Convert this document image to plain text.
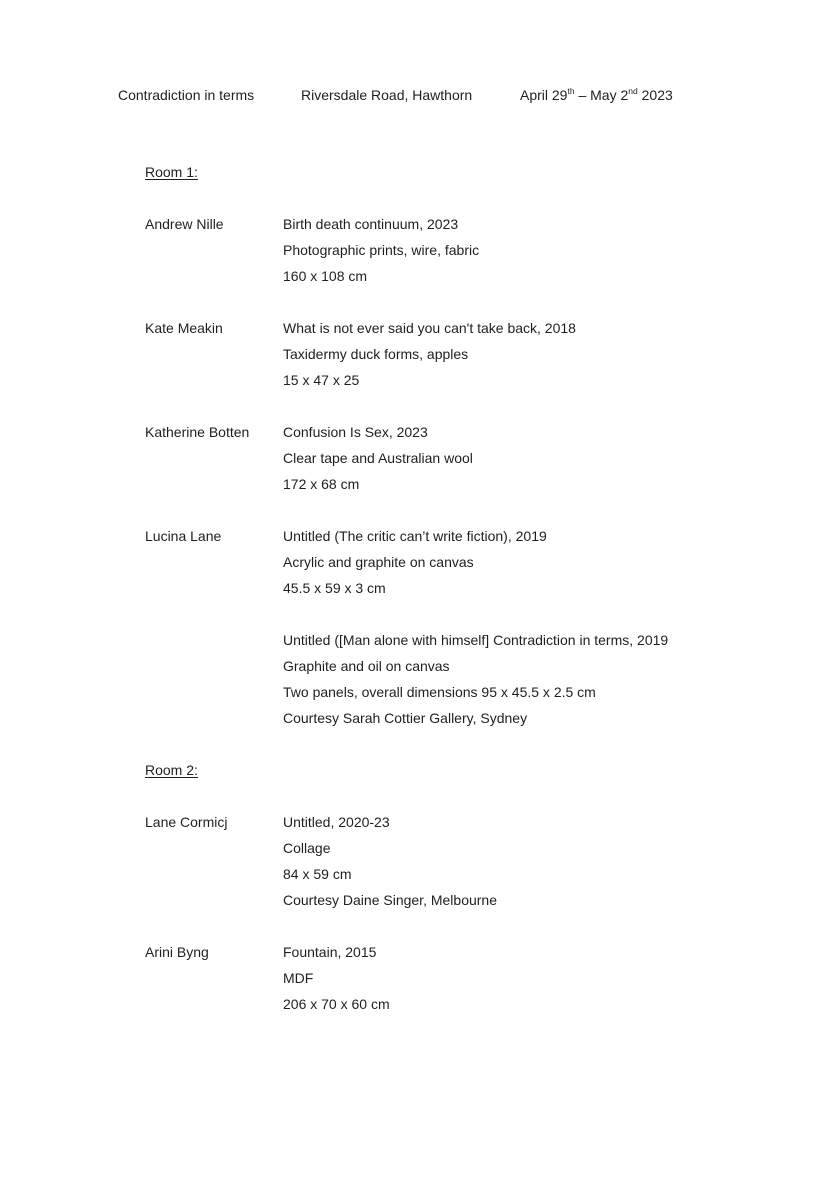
Contradiction in terms	Riversdale Road, Hawthorn	April 29th – May 2nd 2023
Room 1:
Andrew Nille	Birth death continuum, 2023
Photographic prints, wire, fabric
160 x 108 cm
Kate Meakin	What is not ever said you can't take back, 2018
Taxidermy duck forms, apples
15 x 47 x 25
Katherine Botten	Confusion Is Sex, 2023
Clear tape and Australian wool
172 x 68 cm
Lucina Lane	Untitled (The critic can’t write fiction), 2019
Acrylic and graphite on canvas
45.5 x 59 x 3 cm
Untitled ([Man alone with himself] Contradiction in terms, 2019
Graphite and oil on canvas
Two panels, overall dimensions 95 x 45.5 x 2.5 cm
Courtesy Sarah Cottier Gallery, Sydney
Room 2:
Lane Cormicj	Untitled, 2020-23
Collage
84 x 59 cm
Courtesy Daine Singer, Melbourne
Arini Byng	Fountain, 2015
MDF
206 x 70 x 60 cm
